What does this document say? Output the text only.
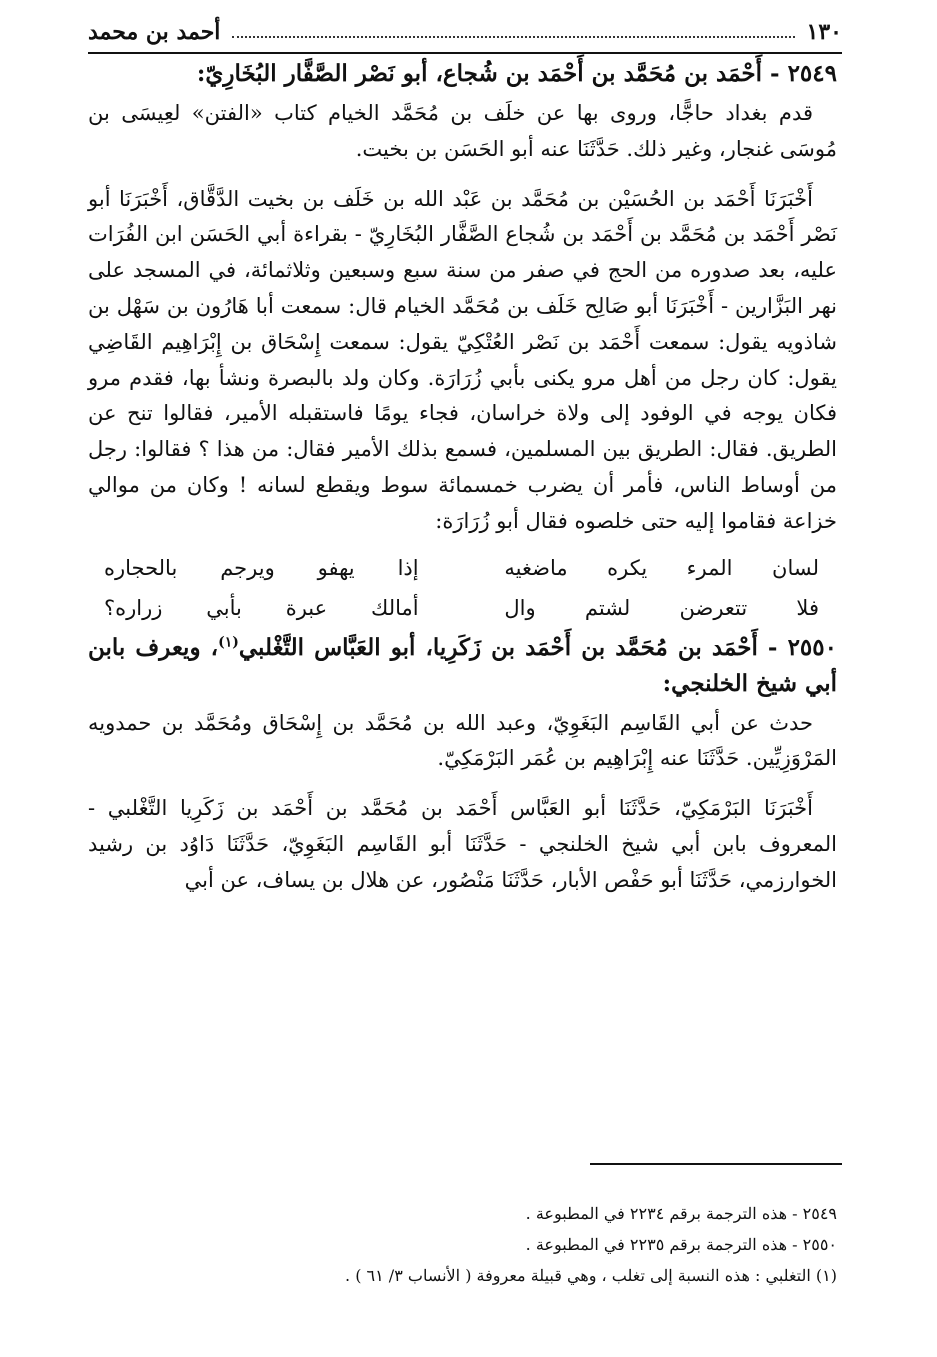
١٣٠
أحمد بن محمد
٢٥٤٩ - أَحْمَد بن مُحَمَّد بن أَحْمَد بن شُجاع، أبو نَصْر الصَّفَّار البُخَارِيّ:

قدم بغداد حاجًّا، وروى بها عن خلَف بن مُحَمَّد الخيام كتاب «الفتن» لعِيسَى بن مُوسَى غنجار، وغير ذلك. حَدَّثَنَا عنه أبو الحَسَن بن بخيت.

أَخْبَرَنَا أَحْمَد بن الحُسَيْن بن مُحَمَّد بن عَبْد الله بن خَلَف بن بخيت الدَّقَّاق، أَخْبَرَنَا أبو نَصْر أَحْمَد بن مُحَمَّد بن أَحْمَد بن شُجاع الصَّفَّار البُخَارِيّ - بقراءة أبي الحَسَن ابن الفُرَات عليه، بعد صدوره من الحج في صفر من سنة سبع وسبعين وثلاثمائة، في المسجد على نهر البَزَّارين - أَخْبَرَنَا أبو صَالِح خَلَف بن مُحَمَّد الخيام قال: سمعت أبا هَارُون بن سَهْل بن شاذويه يقول: سمعت أَحْمَد بن نَصْر العُتْكِيّ يقول: سمعت إِسْحَاق بن إِبْرَاهِيم القَاضِي يقول: كان رجل من أهل مرو يكنى بأبي زُرَارَة. وكان ولد بالبصرة ونشأ بها، فقدم مرو فكان يوجه في الوفود إلى ولاة خراسان، فجاء يومًا فاستقبله الأمير، فقالوا تنح عن الطريق. فقال: الطريق بين المسلمين، فسمع بذلك الأمير فقال: من هذا ؟ فقالوا: رجل من أوساط الناس، فأمر أن يضرب خمسمائة سوط ويقطع لسانه ! وكان من موالي خزاعة فقاموا إليه حتى خلصوه فقال أبو زُرَارَة:

لسان المرء يكره ماضغيه
إذا يهفو ويرجم بالحجاره
فلا تتعرضن لشتم وال
أمالك عبرة بأبي زراره؟
٢٥٥٠ - أَحْمَد بن مُحَمَّد بن أَحْمَد بن زَكَرِيا، أبو العَبَّاس التَّغْلبي$^{(١)}$، ويعرف بابن أبي شيخ الخلنجي:

حدث عن أبي القَاسِم البَغَوِيّ، وعبد الله بن مُحَمَّد بن إِسْحَاق ومُحَمَّد بن حمدويه المَرْوَزِيِّين. حَدَّثَنَا عنه إِبْرَاهِيم بن عُمَر البَرْمَكِيّ.

أَخْبَرَنَا البَرْمَكِيّ، حَدَّثَنَا أبو العَبَّاس أَحْمَد بن مُحَمَّد بن أَحْمَد بن زَكَرِيا التَّغْلبي - المعروف بابن أبي شيخ الخلنجي - حَدَّثَنَا أبو القَاسِم البَغَوِيّ، حَدَّثَنَا دَاوُد بن رشيد الخوارزمي، حَدَّثَنَا أبو حَفْص الأبار، حَدَّثَنَا مَنْصُور، عن هلال بن يساف، عن أبي

٢٥٤٩ - هذه الترجمة برقم ٢٢٣٤ في المطبوعة .
٢٥٥٠ - هذه الترجمة برقم ٢٢٣٥ في المطبوعة .
(١) التغلبي : هذه النسبة إلى تغلب ، وهي قبيلة معروفة ( الأنساب ٣/ ٦١ ) .
